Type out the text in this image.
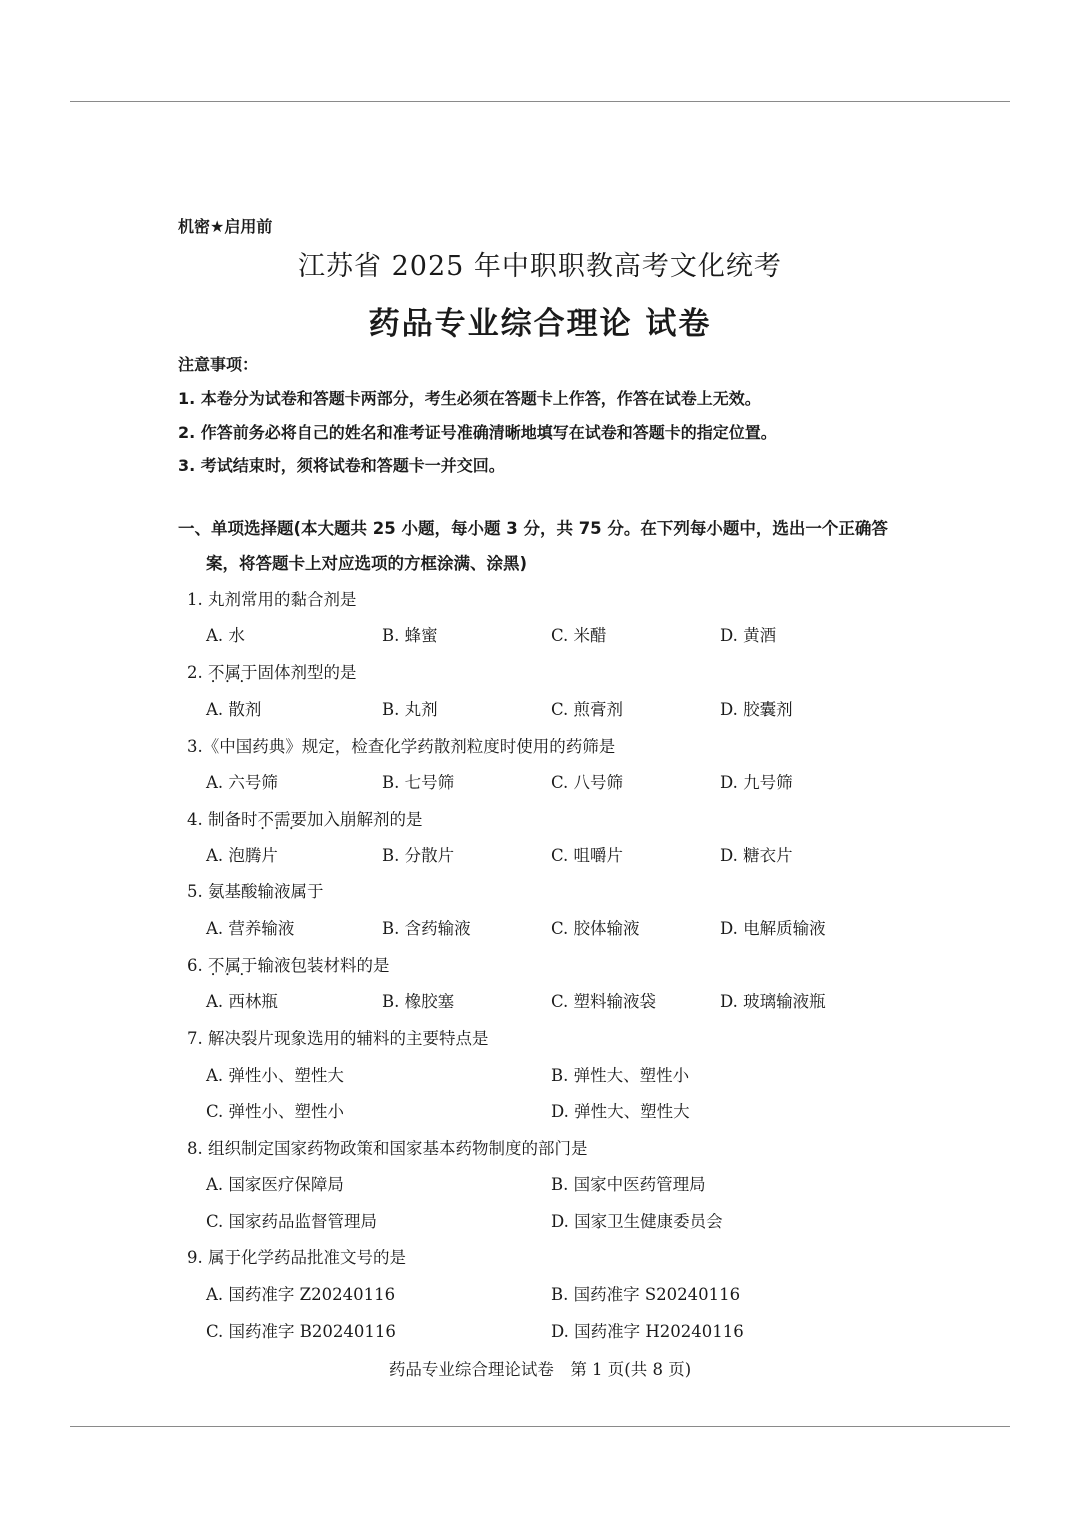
机密★启用前
江苏省 2025 年中职职教高考文化统考
药品专业综合理论 试卷
注意事项：
1. 本卷分为试卷和答题卡两部分，考生必须在答题卡上作答，作答在试卷上无效。
2. 作答前务必将自己的姓名和准考证号准确清晰地填写在试卷和答题卡的指定位置。
3. 考试结束时，须将试卷和答题卡一并交回。
一、单项选择题(本大题共 25 小题，每小题 3 分，共 75 分。在下列每小题中，选出一个正确答
案，将答题卡上对应选项的方框涂满、涂黑)
1. 丸剂常用的黏合剂是
A. 水	B. 蜂蜜	C. 米醋	D. 黄酒
2. 不属于 • • •固体剂型的是
A. 散剂	B. 丸剂	C. 煎膏剂	D. 胶囊剂
3.《中国药典》规定，检查化学药散剂粒度时使用的药筛是
A. 六号筛	B. 七号筛	C. 八号筛	D. 九号筛
4. 制备时不需要 • • •加入崩解剂的是
A. 泡腾片	B. 分散片	C. 咀嚼片	D. 糖衣片
5. 氨基酸输液属于
A. 营养输液	B. 含药输液	C. 胶体输液	D. 电解质输液
6. 不属于 • • •输液包装材料的是
A. 西林瓶	B. 橡胶塞	C. 塑料输液袋	D. 玻璃输液瓶
7. 解决裂片现象选用的辅料的主要特点是
A. 弹性小、塑性大	B. 弹性大、塑性小
C. 弹性小、塑性小	D. 弹性大、塑性大
8. 组织制定国家药物政策和国家基本药物制度的部门是
A. 国家医疗保障局	B. 国家中医药管理局
C. 国家药品监督管理局	D. 国家卫生健康委员会
9. 属于化学药品批准文号的是
A. 国药准字 Z20240116	B. 国药准字 S20240116
C. 国药准字 B20240116	D. 国药准字 H20240116
药品专业综合理论试卷　第 1 页(共 8 页)
